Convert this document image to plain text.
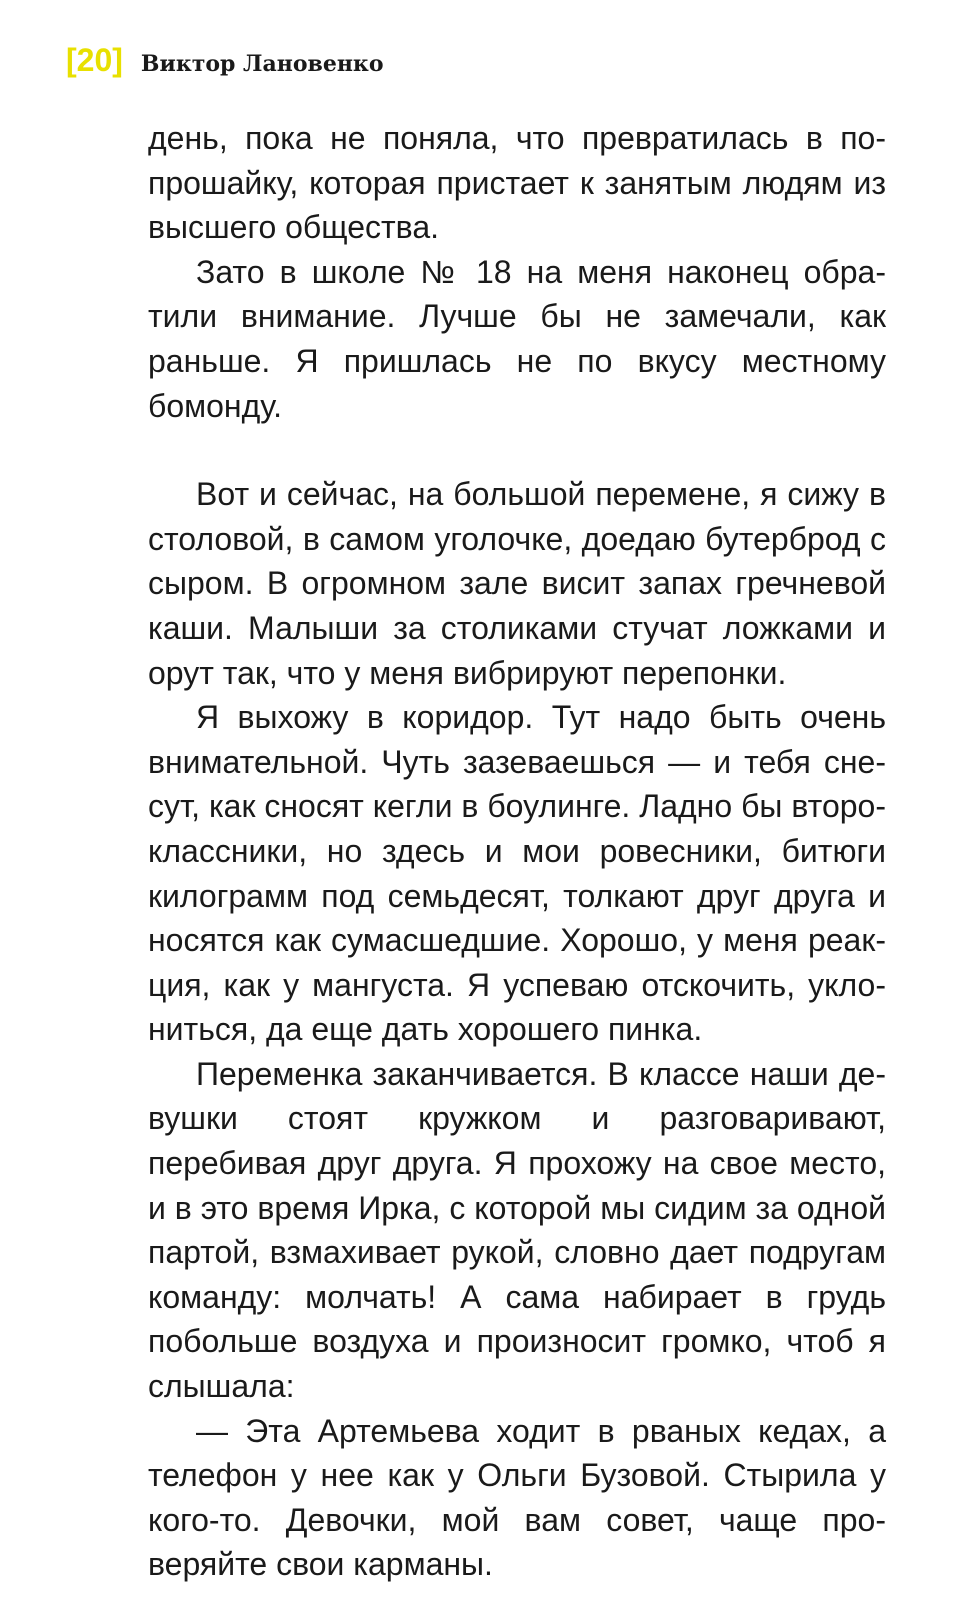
[20] Виктор Лановенко

день, пока не поняла, что превратилась в попрошайку, которая пристает к занятым людям из высшего общества.

Зато в школе № 18 на меня наконец обратили внимание. Лучше бы не замечали, как раньше. Я пришлась не по вкусу местному бомонду.

Вот и сейчас, на большой перемене, я сижу в столовой, в самом уголочке, доедаю бутерброд с сыром. В огромном зале висит запах гречневой каши. Малыши за столиками стучат ложками и орут так, что у меня вибрируют перепонки.

Я выхожу в коридор. Тут надо быть очень внимательной. Чуть зазеваешься — и тебя снесут, как сносят кегли в боулинге. Ладно бы второклассники, но здесь и мои ровесники, битюги килограмм под семьдесят, толкают друг друга и носятся как сумасшедшие. Хорошо, у меня реакция, как у мангуста. Я успеваю отскочить, уклониться, да еще дать хорошего пинка.

Переменка заканчивается. В классе наши девушки стоят кружком и разговаривают, перебивая друг друга. Я прохожу на свое место, и в это время Ирка, с которой мы сидим за одной партой, взмахивает рукой, словно дает подругам команду: молчать! А сама набирает в грудь побольше воздуха и произносит громко, чтоб я слышала:

— Эта Артемьева ходит в рваных кедах, а телефон у нее как у Ольги Бузовой. Стырила у кого-то. Девочки, мой вам совет, чаще проверяйте свои карманы.
